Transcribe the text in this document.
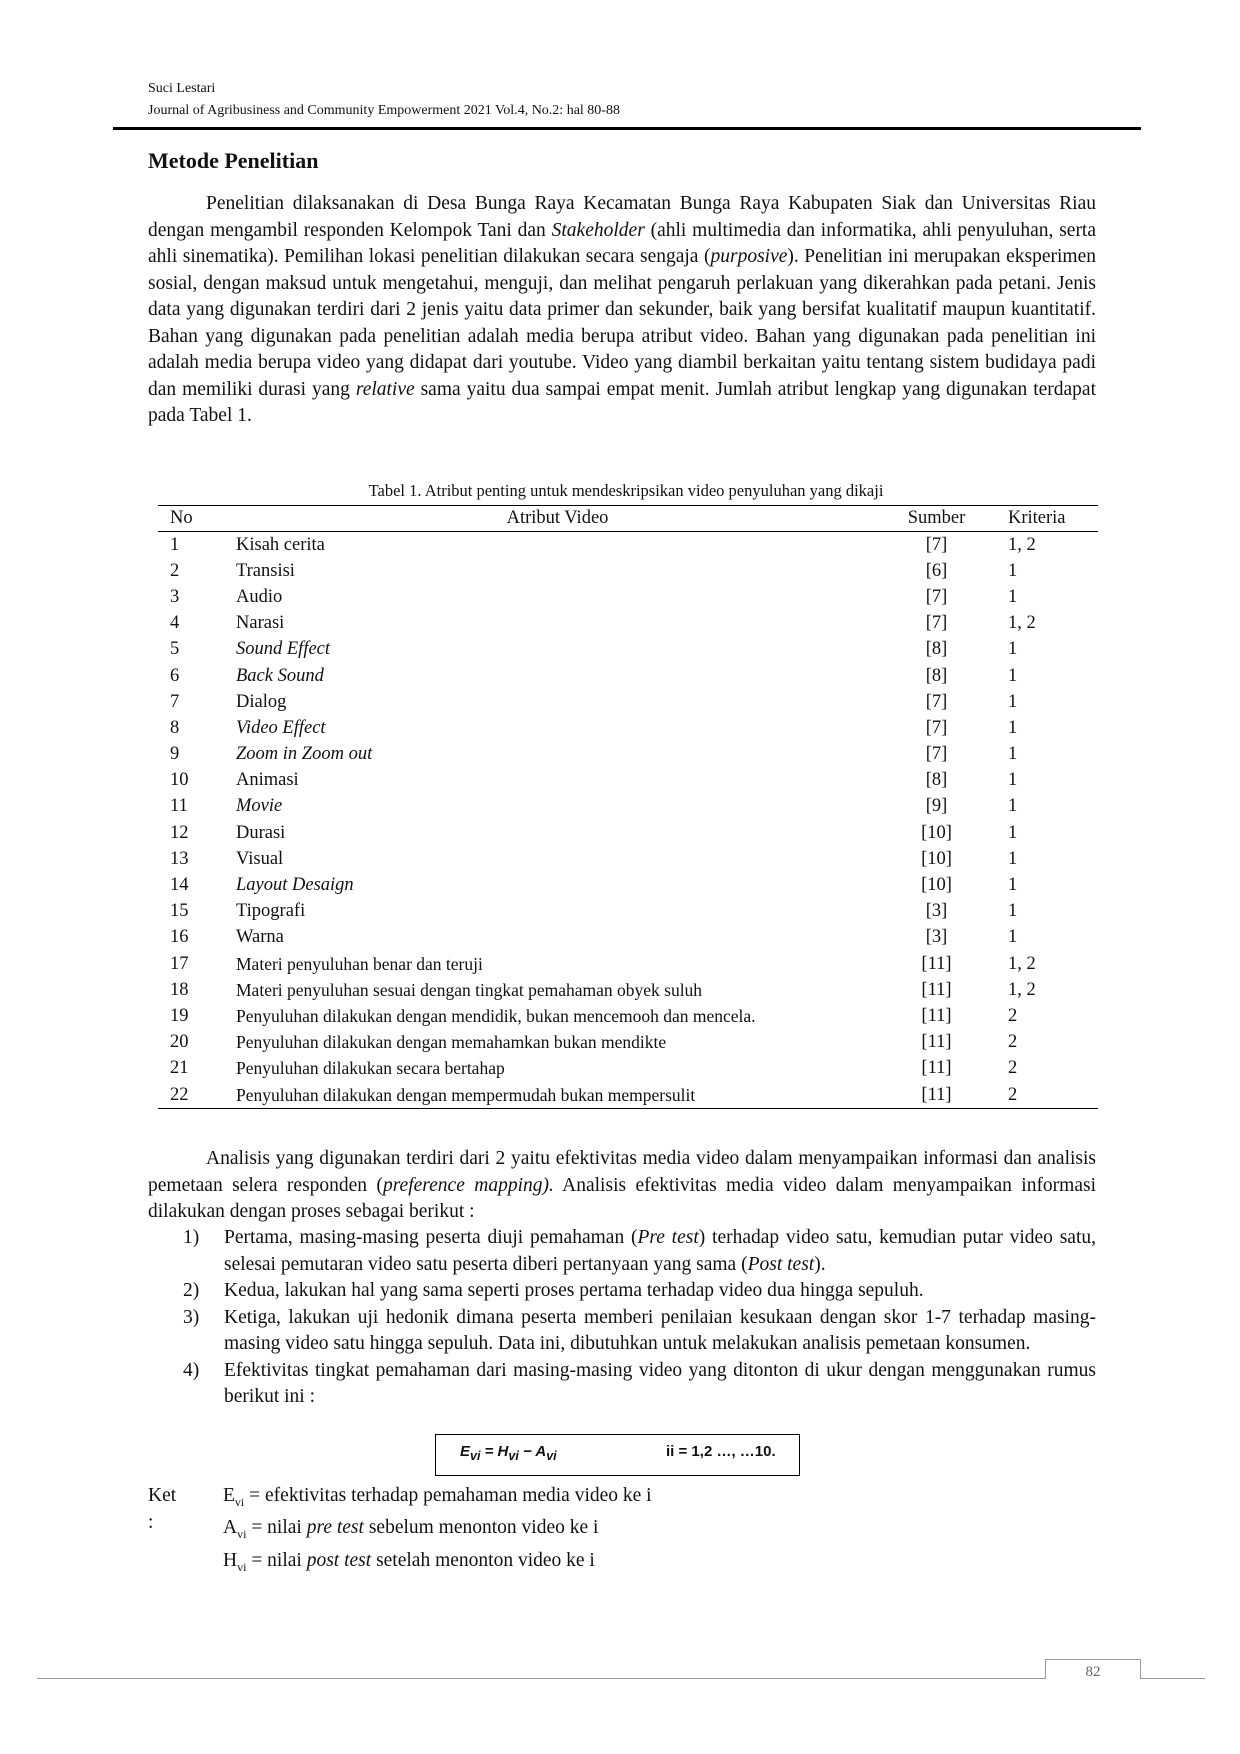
Suci Lestari
Journal of Agribusiness and Community Empowerment 2021 Vol.4, No.2: hal 80-88
Metode Penelitian

Penelitian dilaksanakan di Desa Bunga Raya Kecamatan Bunga Raya Kabupaten Siak dan Universitas Riau dengan mengambil responden Kelompok Tani dan Stakeholder (ahli multimedia dan informatika, ahli penyuluhan, serta ahli sinematika). Pemilihan lokasi penelitian dilakukan secara sengaja (purposive). Penelitian ini merupakan eksperimen sosial, dengan maksud untuk mengetahui, menguji, dan melihat pengaruh perlakuan yang dikerahkan pada petani. Jenis data yang digunakan terdiri dari 2 jenis yaitu data primer dan sekunder, baik yang bersifat kualitatif maupun kuantitatif. Bahan yang digunakan pada penelitian adalah media berupa atribut video. Bahan yang digunakan pada penelitian ini adalah media berupa video yang didapat dari youtube. Video yang diambil berkaitan yaitu tentang sistem budidaya padi dan memiliki durasi yang relative sama yaitu dua sampai empat menit. Jumlah atribut lengkap yang digunakan terdapat pada Tabel 1.

Tabel 1. Atribut penting untuk mendeskripsikan video penyuluhan yang dikaji
No	Atribut Video	Sumber	Kriteria
1	Kisah cerita	[7]	1, 2
2	Transisi	[6]	1
3	Audio	[7]	1
4	Narasi	[7]	1, 2
5	Sound Effect	[8]	1
6	Back Sound	[8]	1
7	Dialog	[7]	1
8	Video Effect	[7]	1
9	Zoom in Zoom out	[7]	1
10	Animasi	[8]	1
11	Movie	[9]	1
12	Durasi	[10]	1
13	Visual	[10]	1
14	Layout Desaign	[10]	1
15	Tipografi	[3]	1
16	Warna	[3]	1
17	Materi penyuluhan benar dan teruji	[11]	1, 2
18	Materi penyuluhan sesuai dengan tingkat pemahaman obyek suluh	[11]	1, 2
19	Penyuluhan dilakukan dengan mendidik, bukan mencemooh dan mencela.	[11]	2
20	Penyuluhan dilakukan dengan memahamkan bukan mendikte	[11]	2
21	Penyuluhan dilakukan secara bertahap	[11]	2
22	Penyuluhan dilakukan dengan mempermudah bukan mempersulit	[11]	2

Analisis yang digunakan terdiri dari 2 yaitu efektivitas media video dalam menyampaikan informasi dan analisis pemetaan selera responden (preference mapping). Analisis efektivitas media video dalam menyampaikan informasi dilakukan dengan proses sebagai berikut :

1) Pertama, masing-masing peserta diuji pemahaman (Pre test) terhadap video satu, kemudian putar video satu, selesai pemutaran video satu peserta diberi pertanyaan yang sama (Post test).
2) Kedua, lakukan hal yang sama seperti proses pertama terhadap video dua hingga sepuluh.
3) Ketiga, lakukan uji hedonik dimana peserta memberi penilaian kesukaan dengan skor 1-7 terhadap masing-masing video satu hingga sepuluh. Data ini, dibutuhkan untuk melakukan analisis pemetaan konsumen.
4) Efektivitas tingkat pemahaman dari masing-masing video yang ditonton di ukur dengan menggunakan rumus berikut ini :
$E_{vi} = H_{vi} - A_{vi}$	ii = 1,2 …, …10.
Ket :
$E_{vi}$ = efektivitas terhadap pemahaman media video ke i
$A_{vi}$ = nilai pre test sebelum menonton video ke i
$H_{vi}$ = nilai post test setelah menonton video ke i
82
